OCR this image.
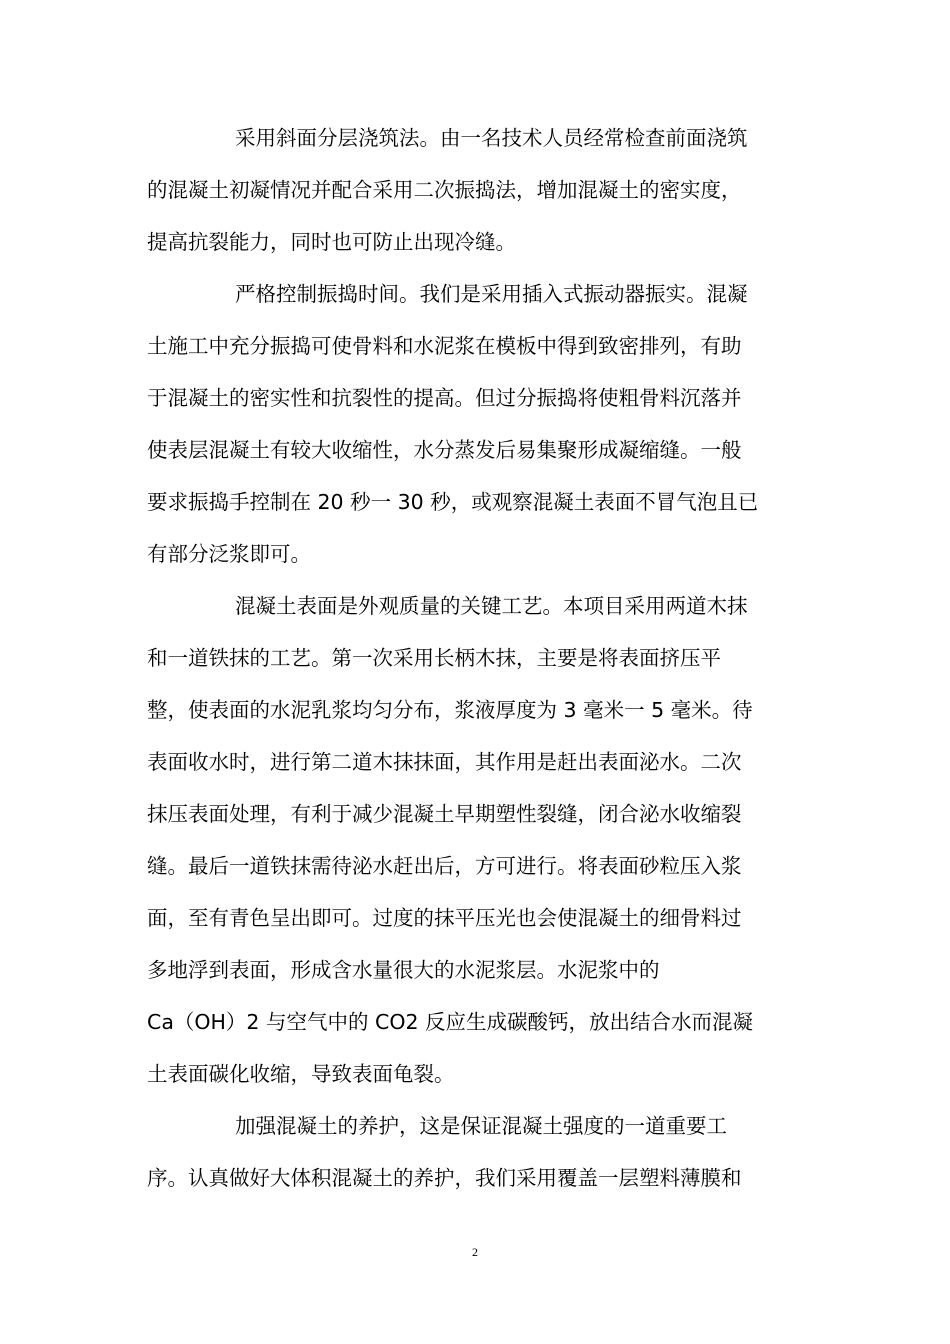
采用斜面分层浇筑法。由一名技术人员经常检查前面浇筑
的混凝土初凝情况并配合采用二次振捣法，增加混凝土的密实度，
提高抗裂能力，同时也可防止出现冷缝。
严格控制振捣时间。我们是采用插入式振动器振实。混凝
土施工中充分振捣可使骨料和水泥浆在模板中得到致密排列，有助
于混凝土的密实性和抗裂性的提高。但过分振捣将使粗骨料沉落并
使表层混凝土有较大收缩性，水分蒸发后易集聚形成凝缩缝。一般
要求振捣手控制在 20 秒一 30 秒，或观察混凝土表面不冒气泡且已
有部分泛浆即可。
混凝土表面是外观质量的关键工艺。本项目采用两道木抹
和一道铁抹的工艺。第一次采用长柄木抹，主要是将表面挤压平
整，使表面的水泥乳浆均匀分布，浆液厚度为 3 毫米一 5 毫米。待
表面收水时，进行第二道木抹抹面，其作用是赶出表面泌水。二次
抹压表面处理，有利于减少混凝土早期塑性裂缝，闭合泌水收缩裂
缝。最后一道铁抹需待泌水赶出后，方可进行。将表面砂粒压入浆
面，至有青色呈出即可。过度的抹平压光也会使混凝土的细骨料过
多地浮到表面，形成含水量很大的水泥浆层。水泥浆中的
Ca（OH）2 与空气中的 CO2 反应生成碳酸钙，放出结合水而混凝
土表面碳化收缩，导致表面龟裂。
加强混凝土的养护，这是保证混凝土强度的一道重要工
序。认真做好大体积混凝土的养护，我们采用覆盖一层塑料薄膜和
2
